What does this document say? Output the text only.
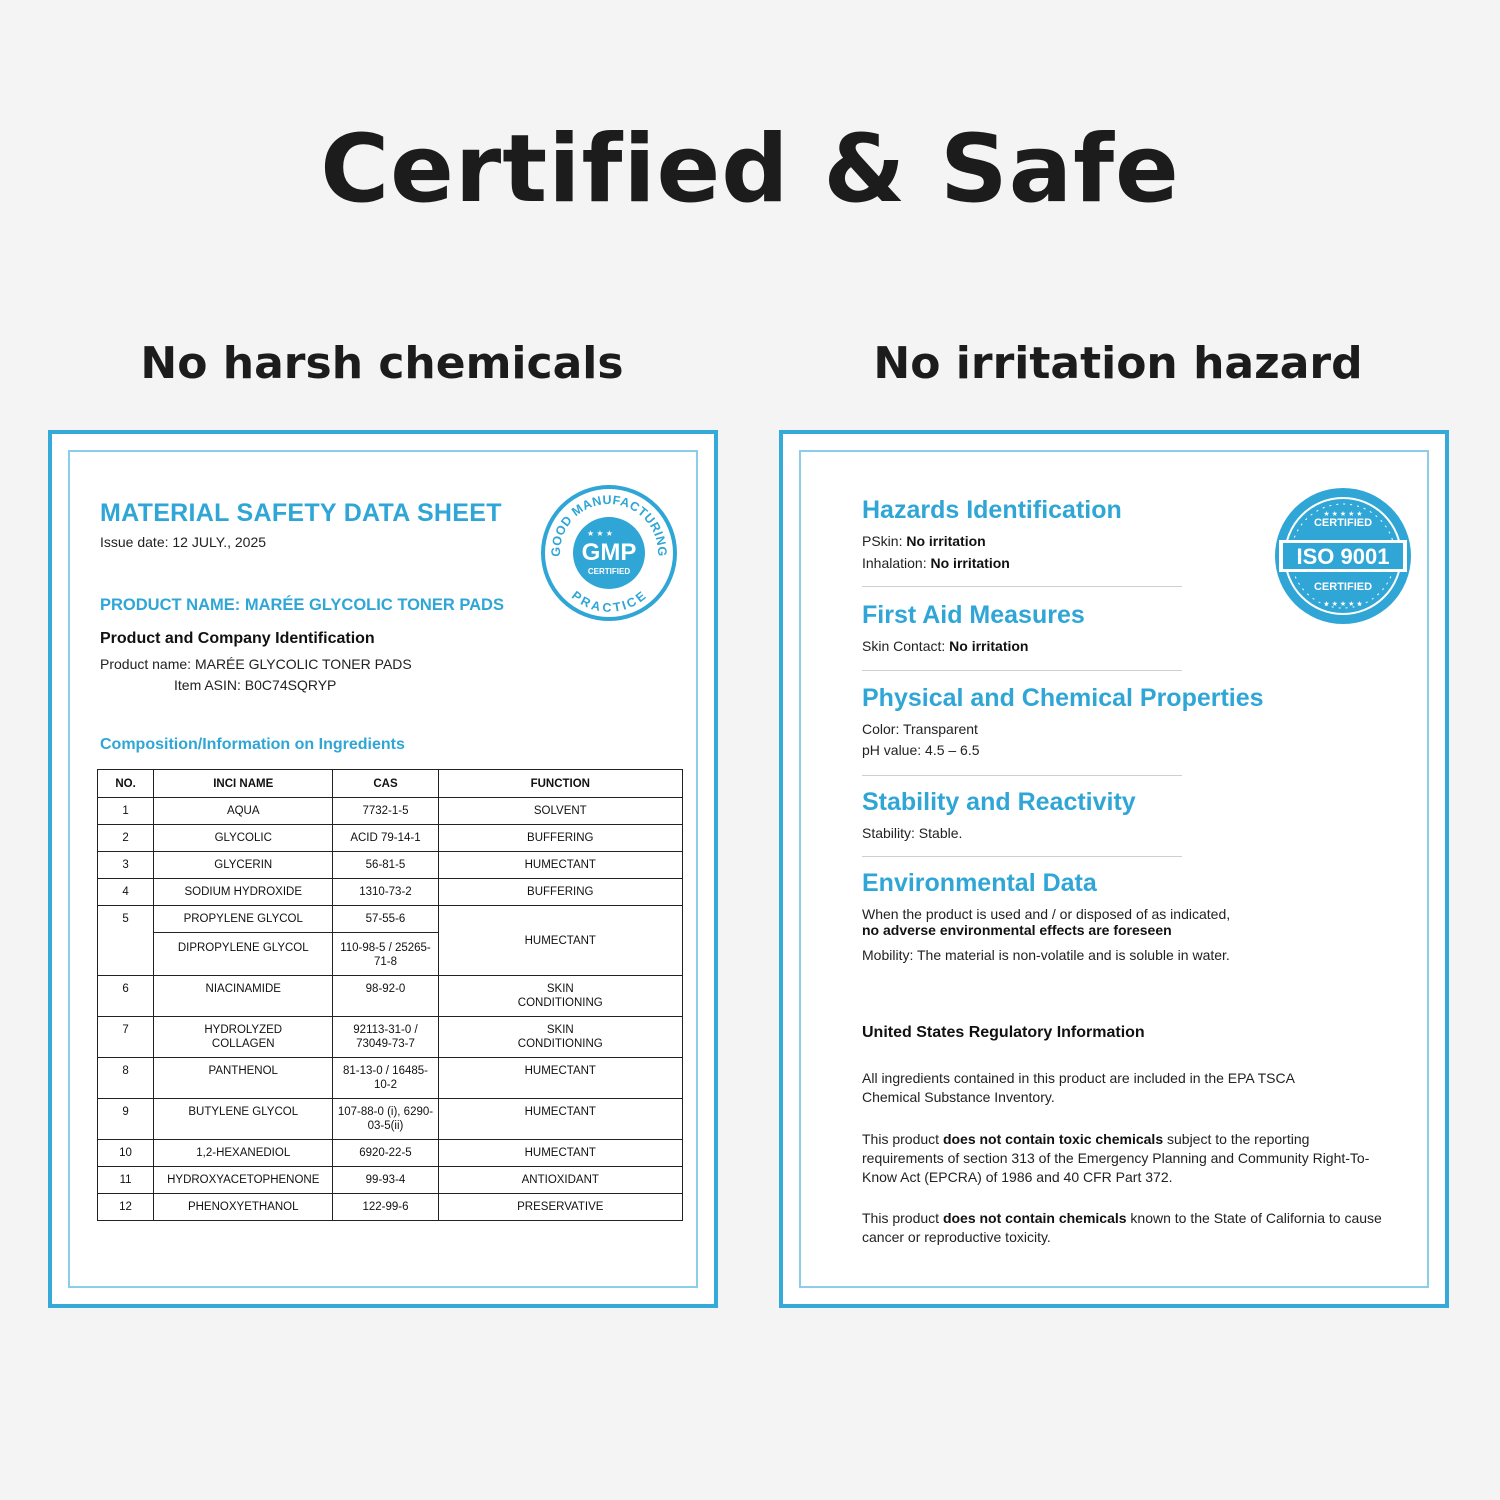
Certified & Safe
No harsh chemicals	No irritation hazard
MATERIAL SAFETY DATA SHEET
Issue date: 12 JULY., 2025
PRODUCT NAME: MARÉE GLYCOLIC TONER PADS
Product and Company Identification
Product name: MARÉE GLYCOLIC TONER PADS
Item ASIN: B0C74SQRYP
Composition/Information on Ingredients
GOOD MANUFACTURING
PRACTICE
★ ★ ★
GMP
CERTIFIED
NO.	INCI NAME	CAS	FUNCTION
1	AQUA	7732-1-5	SOLVENT
2	GLYCOLIC	ACID 79-14-1	BUFFERING
3	GLYCERIN	56-81-5	HUMECTANT
4	SODIUM HYDROXIDE	1310-73-2	BUFFERING
5	PROPYLENE GLYCOL	57-55-6	HUMECTANT
	DIPROPYLENE GLYCOL	110-98-5 / 25265-71-8	
6	NIACINAMIDE	98-92-0	SKIN CONDITIONING
7	HYDROLYZED COLLAGEN	92113-31-0 / 73049-73-7	SKIN CONDITIONING
8	PANTHENOL	81-13-0 / 16485-10-2	HUMECTANT
9	BUTYLENE GLYCOL	107-88-0 (i), 6290-03-5(ii)	HUMECTANT
10	1,2-HEXANEDIOL	6920-22-5	HUMECTANT
11	HYDROXYACETOPHENONE	99-93-4	ANTIOXIDANT
12	PHENOXYETHANOL	122-99-6	PRESERVATIVE
CERTIFIED
ISO 9001
CERTIFIED
★ ★ ★ ★ ★
★ ★ ★ ★ ★
Hazards Identification
PSkin: No irritation
Inhalation: No irritation
First Aid Measures
Skin Contact: No irritation
Physical and Chemical Properties
Color: Transparent
pH value: 4.5 – 6.5
Stability and Reactivity
Stability: Stable.
Environmental Data
When the product is used and / or disposed of as indicated,
no adverse environmental effects are foreseen
Mobility: The material is non-volatile and is soluble in water.
United States Regulatory Information
All ingredients contained in this product are included in the EPA TSCA Chemical Substance Inventory.
This product does not contain toxic chemicals subject to the reporting requirements of section 313 of the Emergency Planning and Community Right-To-Know Act (EPCRA) of 1986 and 40 CFR Part 372.
This product does not contain chemicals known to the State of California to cause cancer or reproductive toxicity.
